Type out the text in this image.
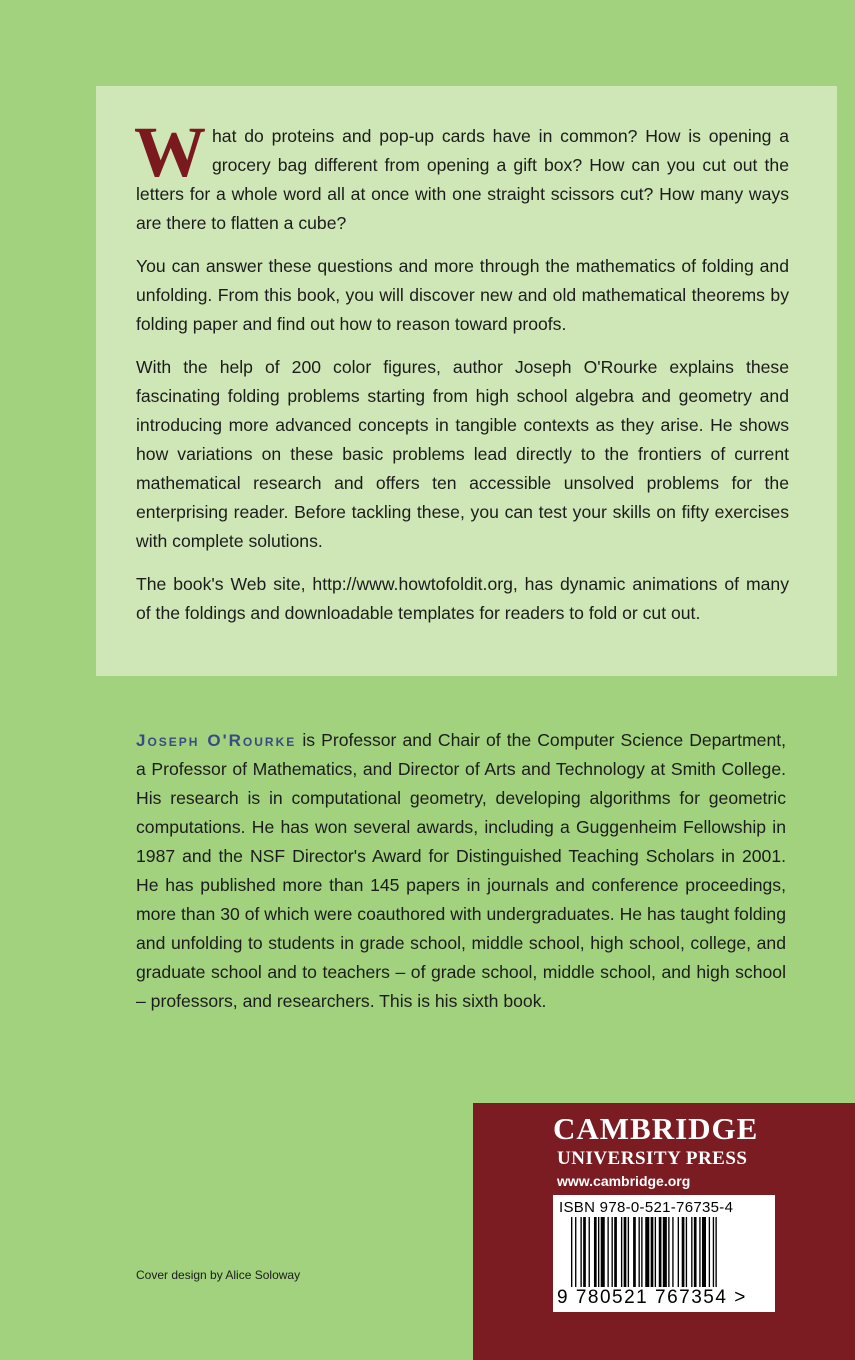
What do proteins and pop-up cards have in common? How is opening a grocery bag different from opening a gift box? How can you cut out the letters for a whole word all at once with one straight scissors cut? How many ways are there to flatten a cube?

You can answer these questions and more through the mathematics of folding and unfolding. From this book, you will discover new and old mathematical theorems by folding paper and find out how to reason toward proofs.

With the help of 200 color figures, author Joseph O'Rourke explains these fascinating folding problems starting from high school algebra and geometry and introducing more advanced concepts in tangible contexts as they arise. He shows how variations on these basic problems lead directly to the frontiers of current mathematical research and offers ten accessible unsolved problems for the enterprising reader. Before tackling these, you can test your skills on fifty exercises with complete solutions.

The book's Web site, http://www.howtofoldit.org, has dynamic animations of many of the foldings and downloadable templates for readers to fold or cut out.

Joseph O'Rourke is Professor and Chair of the Computer Science Department, a Professor of Mathematics, and Director of Arts and Technology at Smith College. His research is in computational geometry, developing algorithms for geometric computations. He has won several awards, including a Guggenheim Fellowship in 1987 and the NSF Director's Award for Distinguished Teaching Scholars in 2001. He has published more than 145 papers in journals and conference proceedings, more than 30 of which were coauthored with undergraduates. He has taught folding and unfolding to students in grade school, middle school, high school, college, and graduate school and to teachers – of grade school, middle school, and high school – professors, and researchers. This is his sixth book.

Cover design by Alice Soloway
CAMBRIDGE
UNIVERSITY PRESS
www.cambridge.org
ISBN 978-0-521-76735-4
9 780521 767354 >
